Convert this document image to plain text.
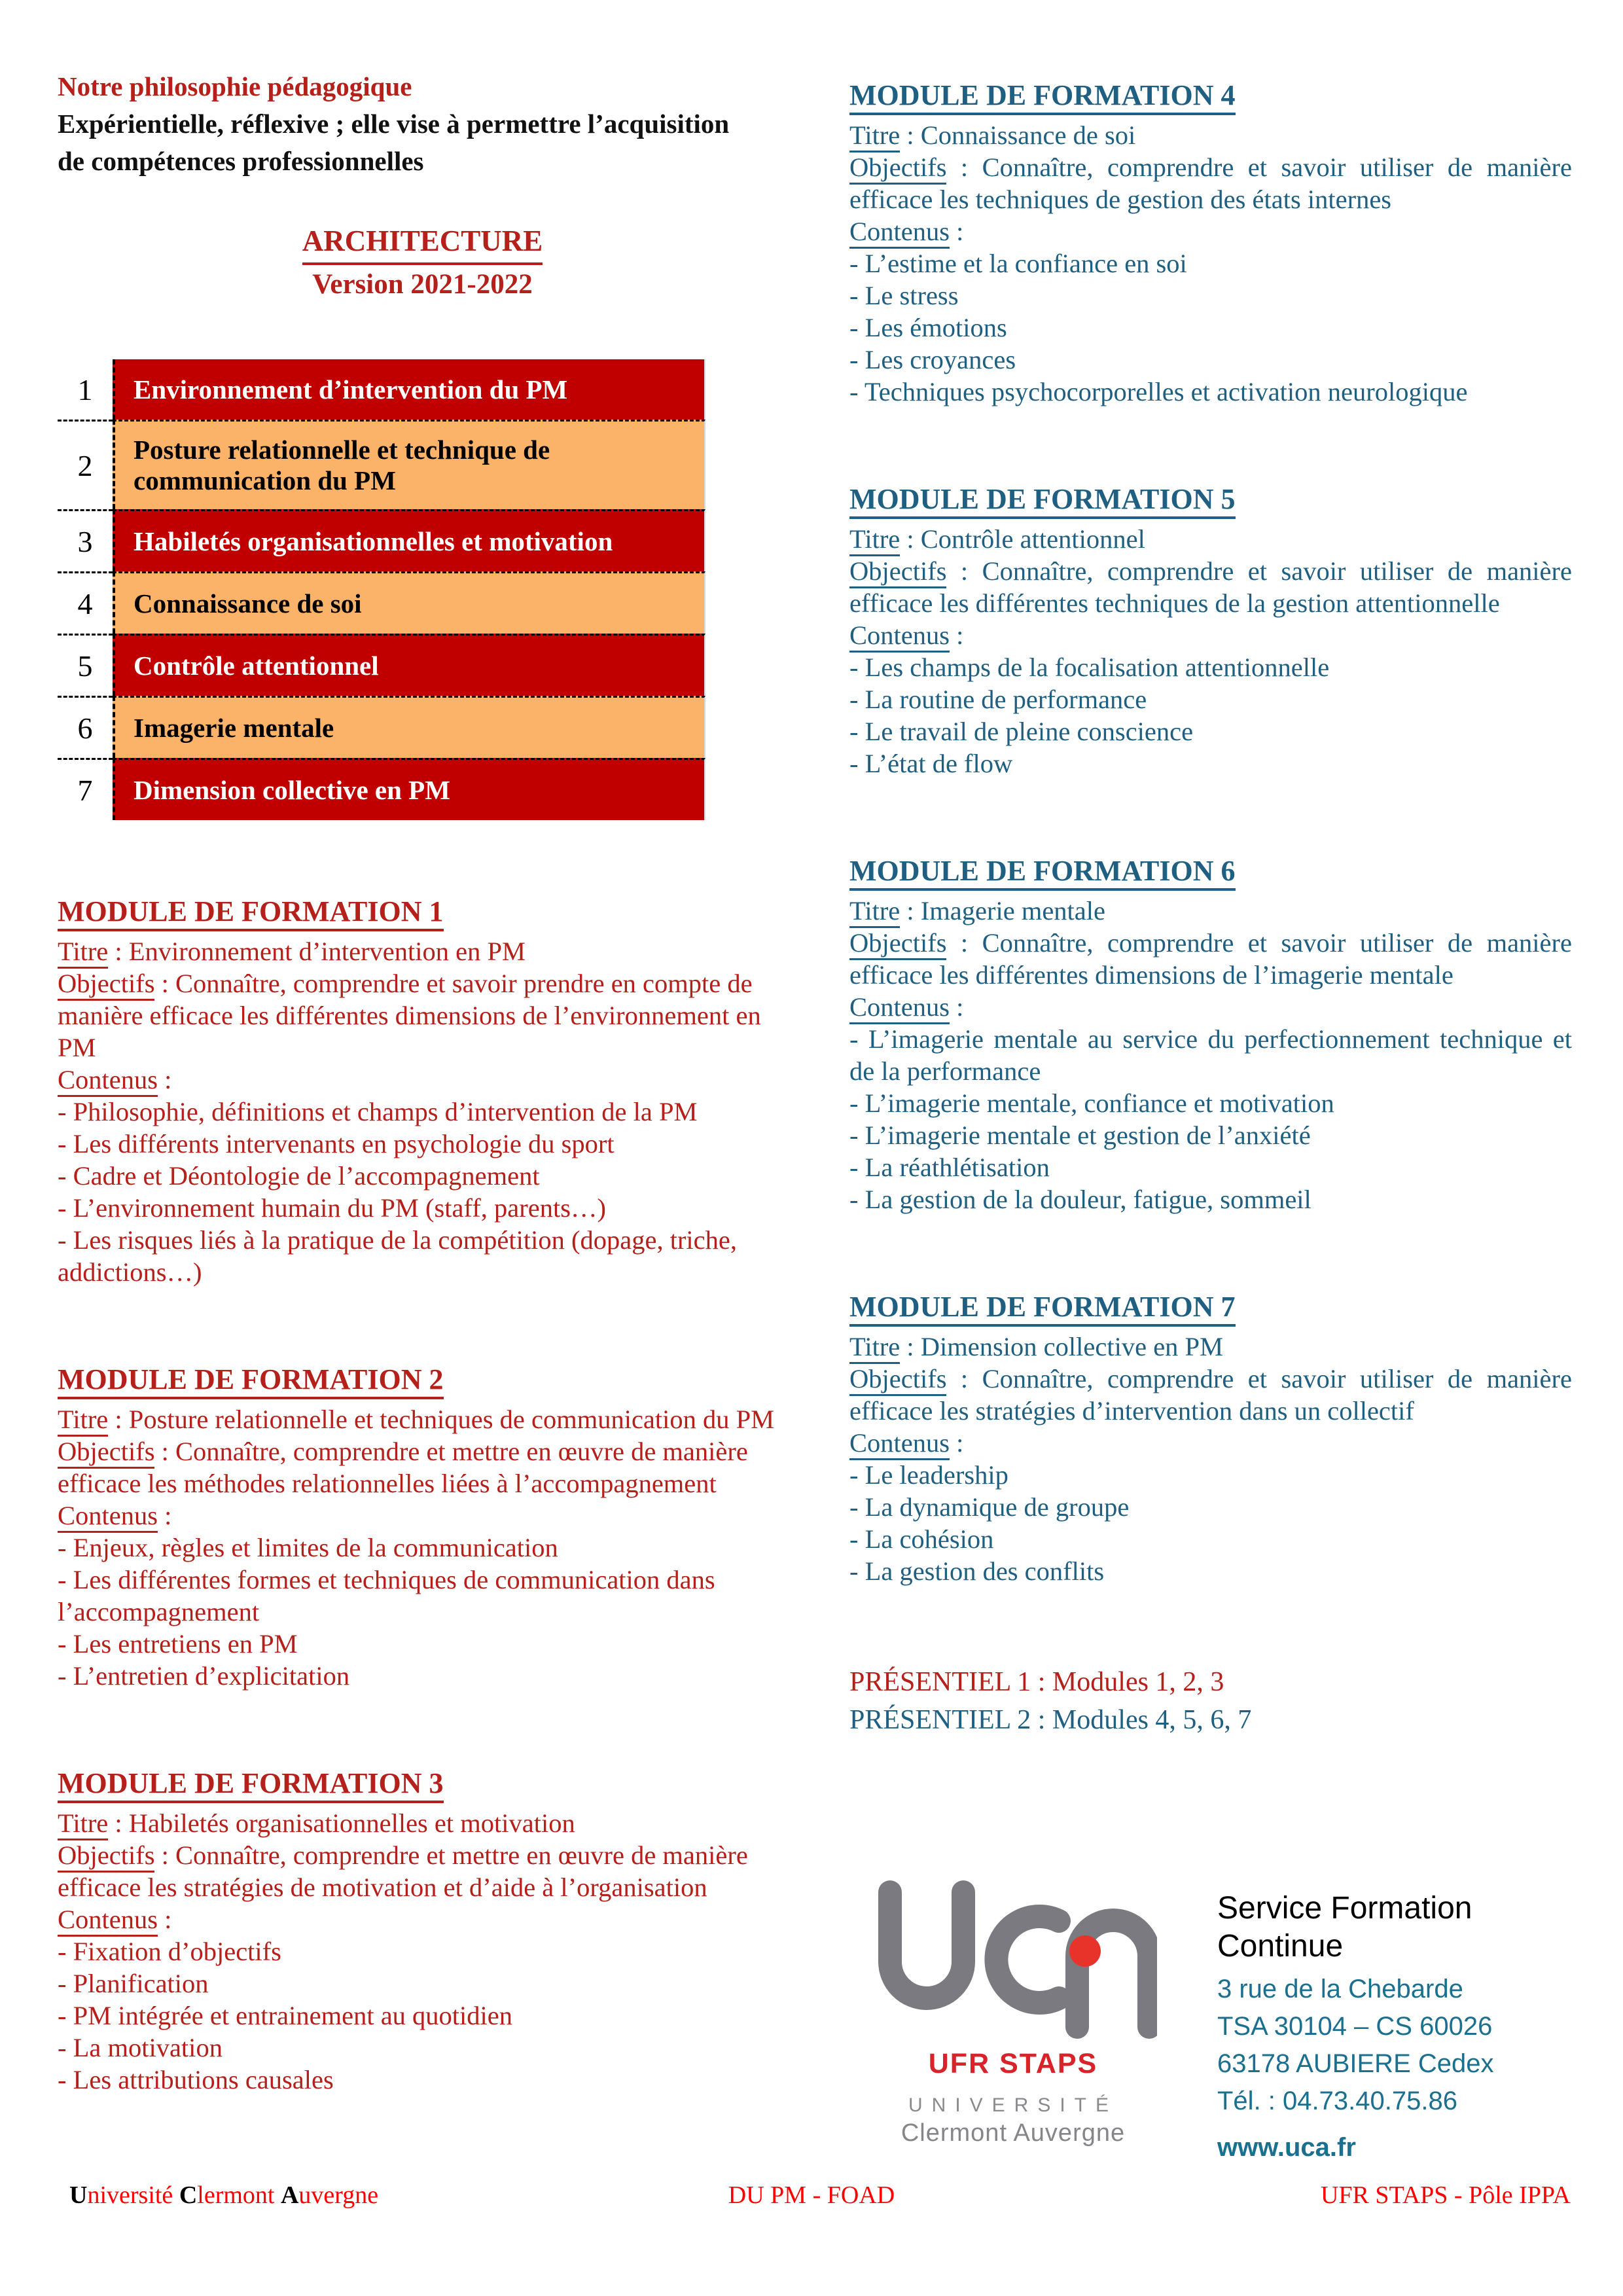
Notre philosophie pédagogique
Expérientielle, réflexive ; elle vise à permettre l’acquisition
de compétences professionnelles
ARCHITECTURE
Version 2021-2022
1	Environnement d’intervention du PM
2	Posture relationnelle et technique de communication du PM
3	Habiletés organisationnelles et motivation
4	Connaissance de soi
5	Contrôle attentionnel
6	Imagerie mentale
7	Dimension collective en PM
MODULE DE FORMATION 1

Titre : Environnement d’intervention en PM

Objectifs : Connaître, comprendre et savoir prendre en compte de manière efficace les différentes dimensions de l’environnement en PM

Contenus :

- Philosophie, définitions et champs d’intervention de la PM

- Les différents intervenants en psychologie du sport

- Cadre et Déontologie de l’accompagnement

- L’environnement humain du PM (staff, parents…)

- Les risques liés à la pratique de la compétition (dopage, triche, addictions…)

MODULE DE FORMATION 2

Titre : Posture relationnelle et techniques de communication du PM

Objectifs : Connaître, comprendre et mettre en œuvre de manière efficace les méthodes relationnelles liées à l’accompagnement

Contenus :

- Enjeux, règles et limites de la communication

- Les différentes formes et techniques de communication dans l’accompagnement

- Les entretiens en PM

- L’entretien d’explicitation

MODULE DE FORMATION 3

Titre : Habiletés organisationnelles et motivation

Objectifs : Connaître, comprendre et mettre en œuvre de manière efficace les stratégies de motivation et d’aide à l’organisation

Contenus :

- Fixation d’objectifs

- Planification

- PM intégrée et entrainement au quotidien

- La motivation

- Les attributions causales

MODULE DE FORMATION 4

Titre : Connaissance de soi

Objectifs : Connaître, comprendre et savoir utiliser de manière efficace les techniques de gestion des états internes

Contenus :

- L’estime et la confiance en soi

- Le stress

- Les émotions

- Les croyances

- Techniques psychocorporelles et activation neurologique

MODULE DE FORMATION 5

Titre : Contrôle attentionnel

Objectifs : Connaître, comprendre et savoir utiliser de manière efficace les différentes techniques de la gestion attentionnelle

Contenus :

- Les champs de la focalisation attentionnelle

- La routine de performance

- Le travail de pleine conscience

- L’état de flow

MODULE DE FORMATION 6

Titre : Imagerie mentale

Objectifs : Connaître, comprendre et savoir utiliser de manière efficace les différentes dimensions de l’imagerie mentale

Contenus :

- L’imagerie mentale au service du perfectionnement technique et de la performance

- L’imagerie mentale, confiance et motivation

- L’imagerie mentale et gestion de l’anxiété

- La réathlétisation

- La gestion de la douleur, fatigue, sommeil

MODULE DE FORMATION 7

Titre : Dimension collective en PM

Objectifs : Connaître, comprendre et savoir utiliser de manière efficace les stratégies d’intervention dans un collectif

Contenus :

- Le leadership

- La dynamique de groupe

- La cohésion

- La gestion des conflits

PRÉSENTIEL 1 : Modules 1, 2, 3
PRÉSENTIEL 2 : Modules 4, 5, 6, 7
UFR STAPS
UNIVERSITÉ
Clermont Auvergne

Service Formation Continue

3 rue de la Chebarde

TSA 30104 – CS 60026

63178 AUBIERE Cedex

Tél. : 04.73.40.75.86

www.uca.fr

DU PM - FOAD
Université Clermont Auvergne	UFR STAPS - Pôle IPPA
